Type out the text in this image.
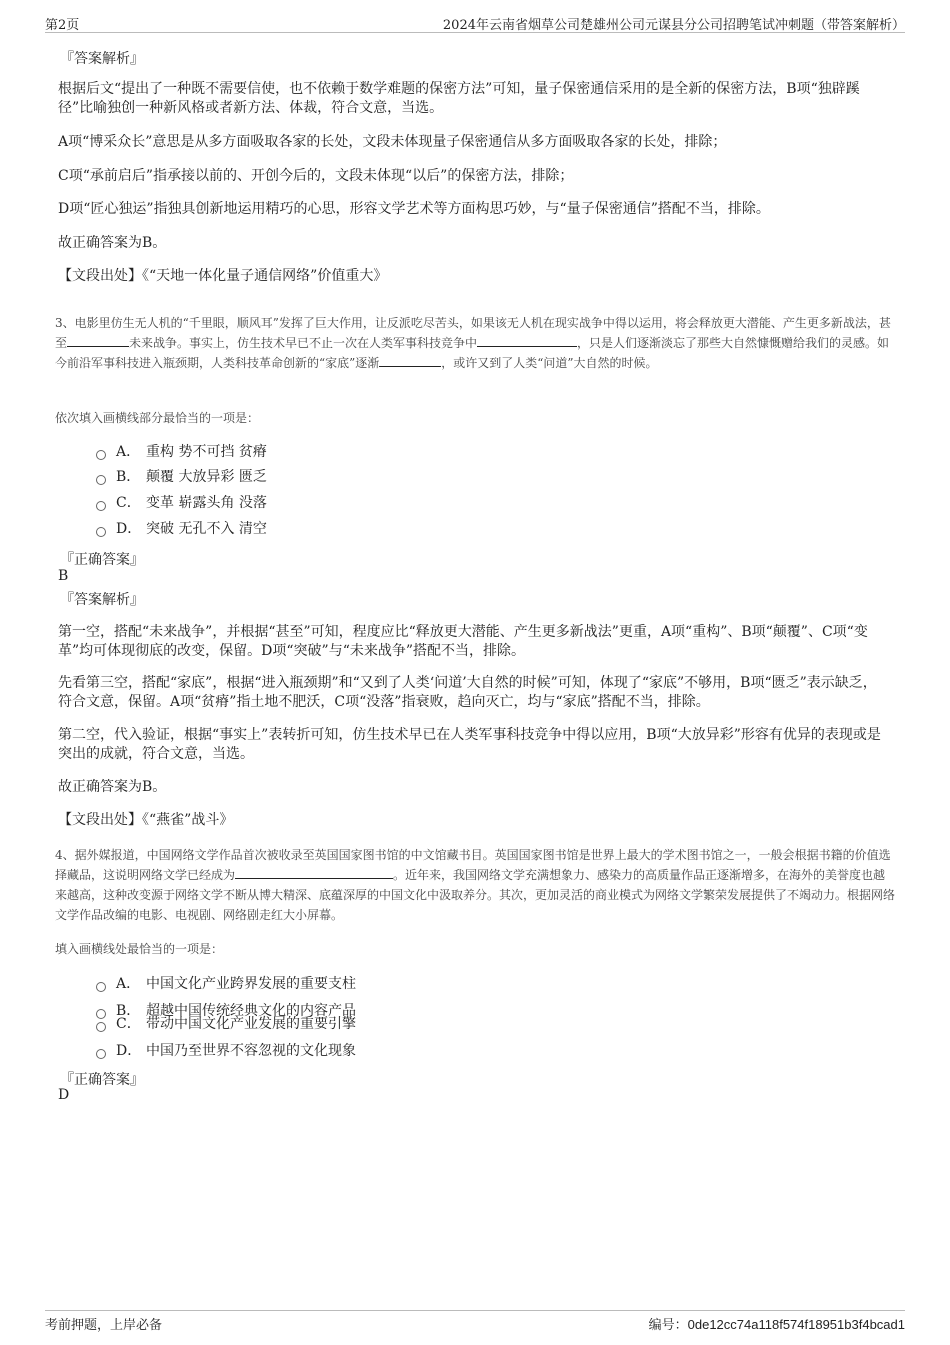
第2页	2024年云南省烟草公司楚雄州公司元谋县分公司招聘笔试冲刺题（带答案解析）
『答案解析』
根据后文“提出了一种既不需要信使，也不依赖于数学难题的保密方法”可知，量子保密通信采用的是全新的保密方法，B项“独辟蹊径”比喻独创一种新风格或者新方法、体裁，符合文意，当选。
A项“博采众长”意思是从多方面吸取各家的长处，文段未体现量子保密通信从多方面吸取各家的长处，排除；
C项“承前启后”指承接以前的、开创今后的，文段未体现“以后”的保密方法，排除；
D项“匠心独运”指独具创新地运用精巧的心思，形容文学艺术等方面构思巧妙，与“量子保密通信”搭配不当，排除。
故正确答案为B。
【文段出处】《“天地一体化量子通信网络”价值重大》
3、电影里仿生无人机的“千里眼，顺风耳”发挥了巨大作用，让反派吃尽苦头，如果该无人机在现实战争中得以运用，将会释放更大潜能、产生更多新战法，甚至	未来战争。事实上，仿生技术早已不止一次在人类军事科技竞争中	，只是人们逐渐淡忘了那些大自然慷慨赠给我们的灵感。如今前沿军事科技进入瓶颈期，人类科技革命创新的“家底”逐渐	，或许又到了人类“问道”大自然的时候。
依次填入画横线部分最恰当的一项是：
A． 重构 势不可挡 贫瘠
B． 颠覆 大放异彩 匮乏
C． 变革 崭露头角 没落
D． 突破 无孔不入 清空
『正确答案』
B
『答案解析』
第一空，搭配“未来战争”，并根据“甚至”可知，程度应比“释放更大潜能、产生更多新战法”更重，A项“重构”、B项“颠覆”、C项“变革”均可体现彻底的改变，保留。D项“突破”与“未来战争”搭配不当，排除。
先看第三空，搭配“家底”，根据“进入瓶颈期”和“又到了人类‘问道’大自然的时候”可知，体现了“家底”不够用，B项“匮乏”表示缺乏，符合文意，保留。A项“贫瘠”指土地不肥沃，C项“没落”指衰败，趋向灭亡，均与“家底”搭配不当，排除。
第二空，代入验证，根据“事实上”表转折可知，仿生技术早已在人类军事科技竞争中得以应用，B项“大放异彩”形容有优异的表现或是突出的成就，符合文意，当选。
故正确答案为B。
【文段出处】《“燕雀”战斗》
4、据外媒报道，中国网络文学作品首次被收录至英国国家图书馆的中文馆藏书目。英国国家图书馆是世界上最大的学术图书馆之一，一般会根据书籍的价值选择藏品，这说明网络文学已经成为	。近年来，我国网络文学充满想象力、感染力的高质量作品正逐渐增多，在海外的美誉度也越来越高，这种改变源于网络文学不断从博大精深、底蕴深厚的中国文化中汲取养分。其次，更加灵活的商业模式为网络文学繁荣发展提供了不竭动力。根据网络文学作品改编的电影、电视剧、网络剧走红大小屏幕。
填入画横线处最恰当的一项是：
A． 中国文化产业跨界发展的重要支柱
B． 超越中国传统经典文化的内容产品
C． 带动中国文化产业发展的重要引擎
D． 中国乃至世界不容忽视的文化现象
『正确答案』
D
考前押题，上岸必备	编号：0de12cc74a118f574f18951b3f4bcad1
